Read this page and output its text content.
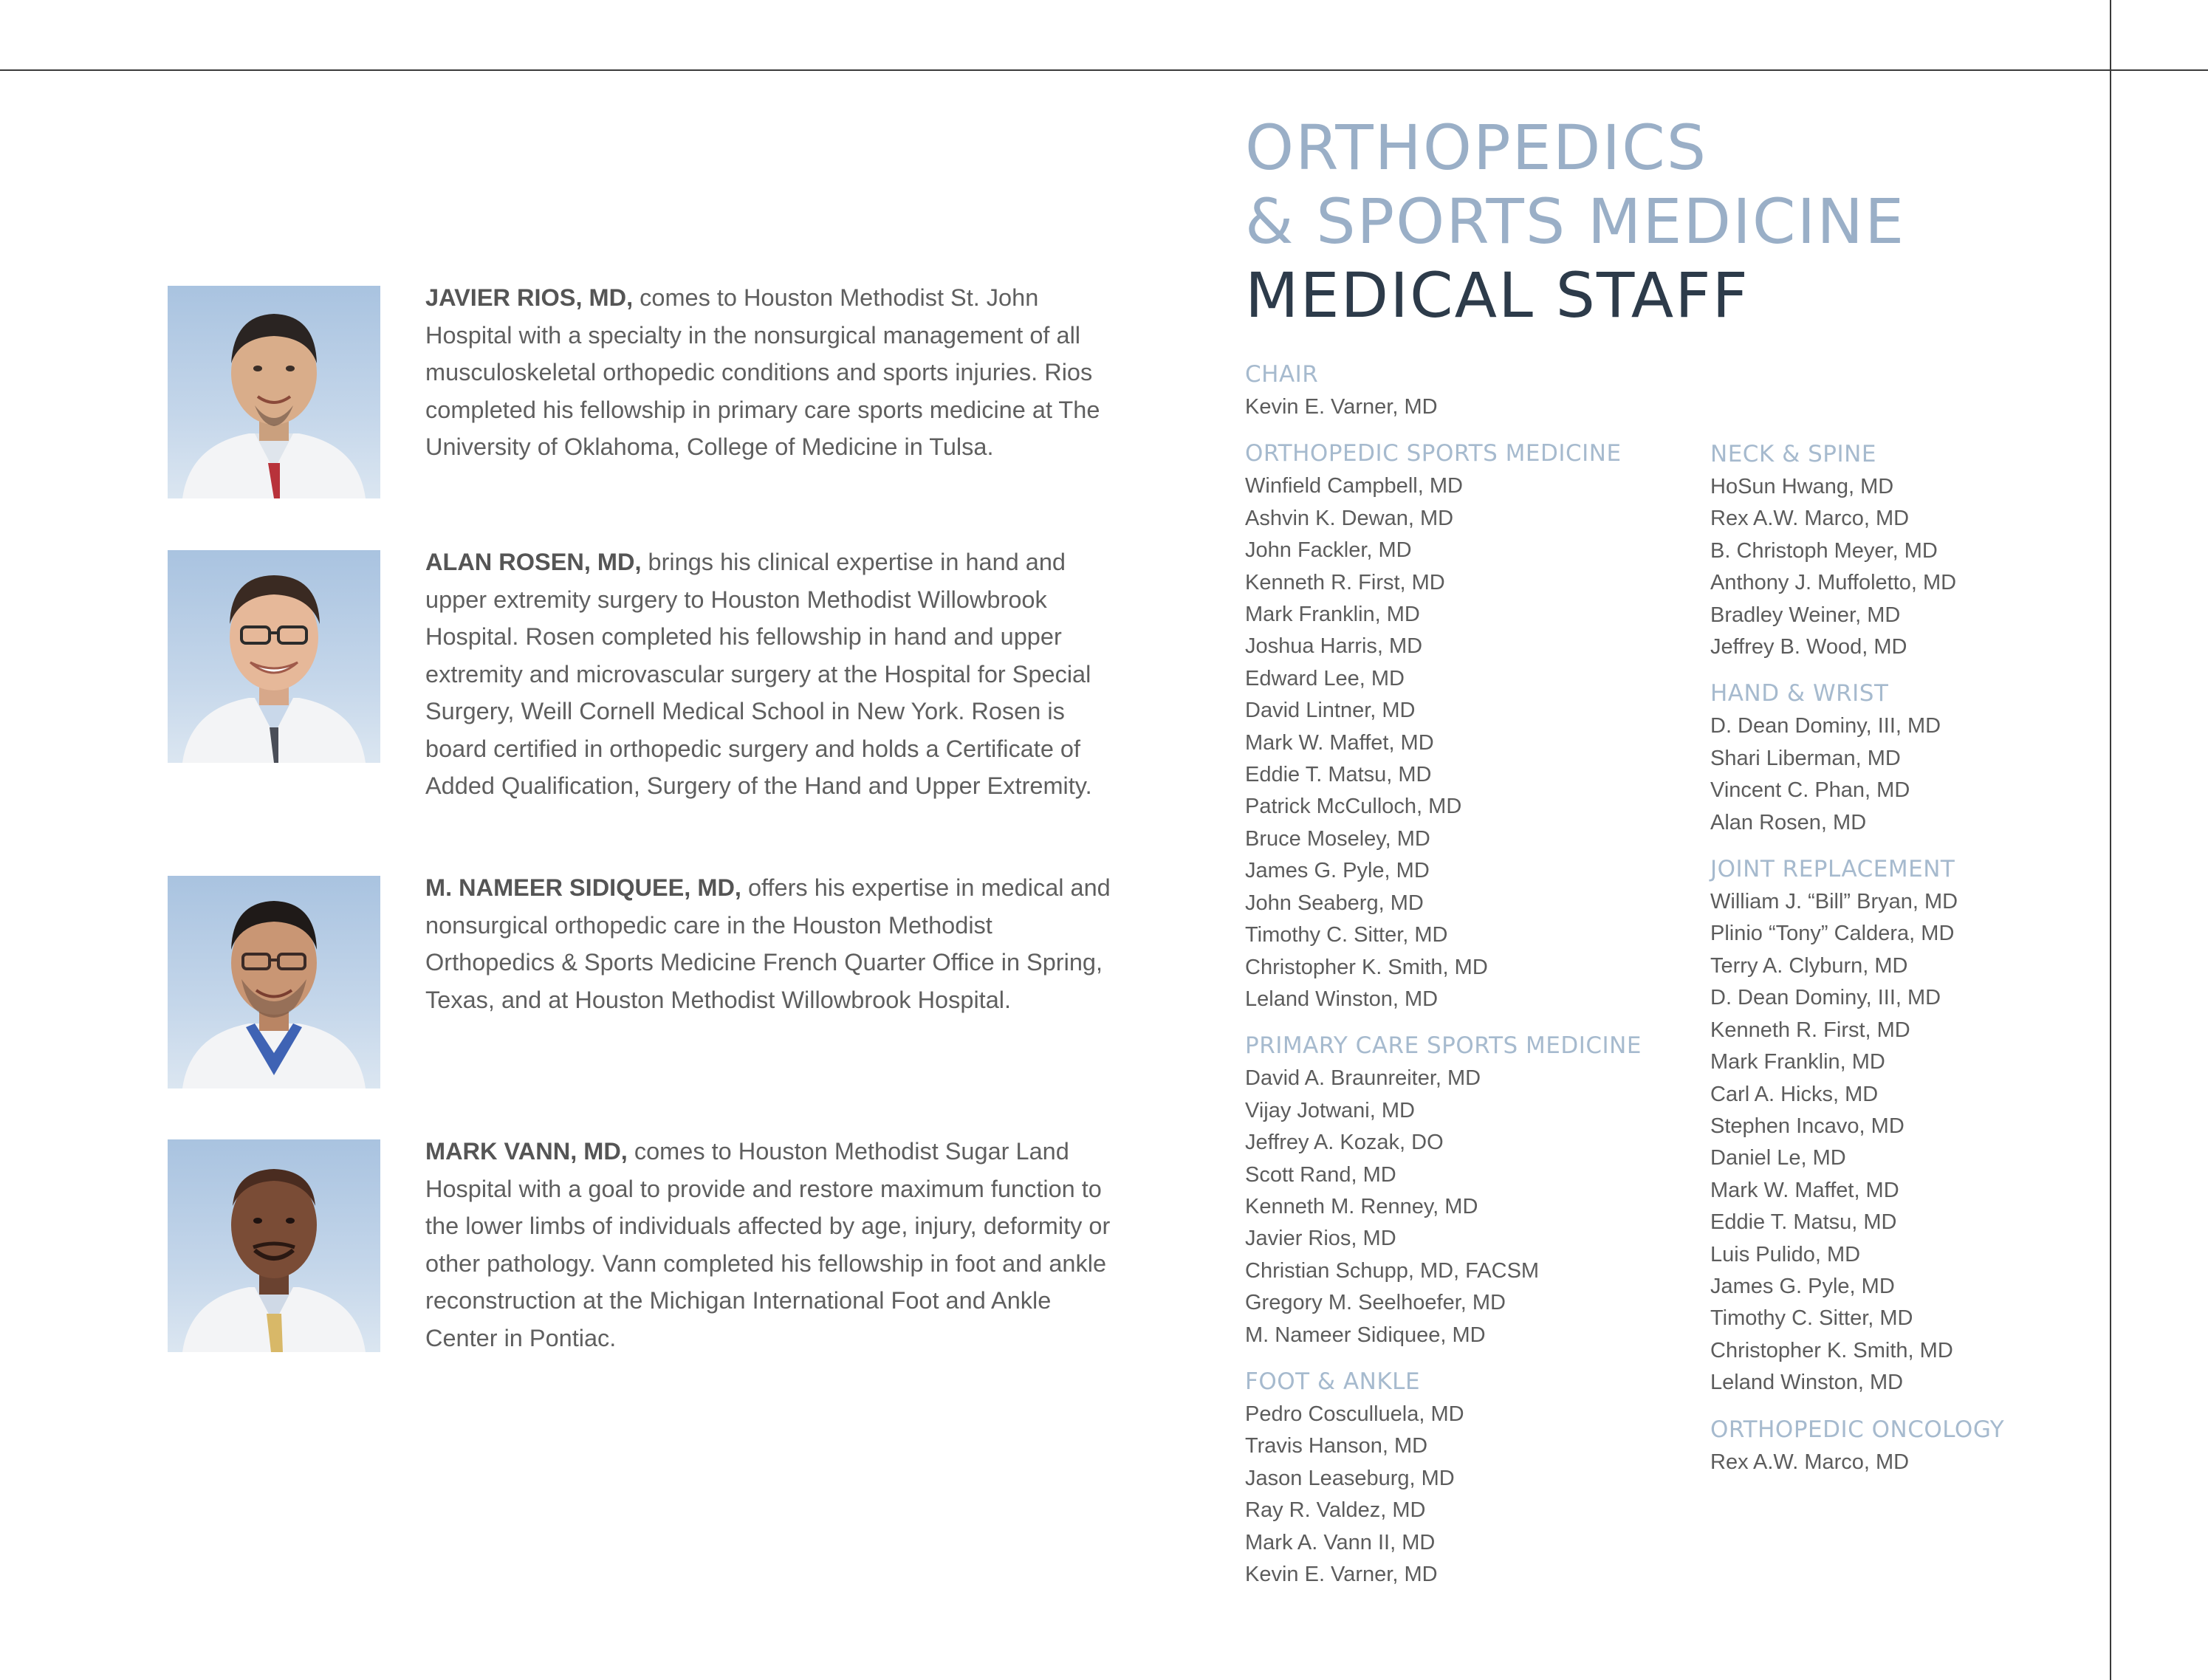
JAVIER RIOS, MD, comes to Houston Methodist St. John Hospital with a specialty in the nonsurgical management of all musculoskeletal orthopedic conditions and sports injuries. Rios completed his fellowship in primary care sports medicine at The University of Oklahoma, College of Medicine in Tulsa.
ALAN ROSEN, MD, brings his clinical expertise in hand and upper extremity surgery to Houston Methodist Willowbrook Hospital. Rosen completed his fellowship in hand and upper extremity and microvascular surgery at the Hospital for Special Surgery, Weill Cornell Medical School in New York. Rosen is board certified in orthopedic surgery and holds a Certificate of Added Qualification, Surgery of the Hand and Upper Extremity.
M. NAMEER SIDIQUEE, MD, offers his expertise in medical and nonsurgical orthopedic care in the Houston Methodist Orthopedics & Sports Medicine French Quarter Office in Spring, Texas, and at Houston Methodist Willowbrook Hospital.
MARK VANN, MD, comes to Houston Methodist Sugar Land Hospital with a goal to provide and restore maximum function to the lower limbs of individuals affected by age, injury, deformity or other pathology. Vann completed his fellowship in foot and ankle reconstruction at the Michigan International Foot and Ankle Center in Pontiac.
ORTHOPEDICS
& SPORTS MEDICINE
MEDICAL STAFF
CHAIR
Kevin E. Varner, MD
ORTHOPEDIC SPORTS MEDICINE
Winfield Campbell, MD
Ashvin K. Dewan, MD
John Fackler, MD
Kenneth R. First, MD
Mark Franklin, MD
Joshua Harris, MD
Edward Lee, MD
David Lintner, MD
Mark W. Maffet, MD
Eddie T. Matsu, MD
Patrick McCulloch, MD
Bruce Moseley, MD
James G. Pyle, MD
John Seaberg, MD
Timothy C. Sitter, MD
Christopher K. Smith, MD
Leland Winston, MD
PRIMARY CARE SPORTS MEDICINE
David A. Braunreiter, MD
Vijay Jotwani, MD
Jeffrey A. Kozak, DO
Scott Rand, MD
Kenneth M. Renney, MD
Javier Rios, MD
Christian Schupp, MD, FACSM
Gregory M. Seelhoefer, MD
M. Nameer Sidiquee, MD
FOOT & ANKLE
Pedro Cosculluela, MD
Travis Hanson, MD
Jason Leaseburg, MD
Ray R. Valdez, MD
Mark A. Vann II, MD
Kevin E. Varner, MD
NECK & SPINE
HoSun Hwang, MD
Rex A.W. Marco, MD
B. Christoph Meyer, MD
Anthony J. Muffoletto, MD
Bradley Weiner, MD
Jeffrey B. Wood, MD
HAND & WRIST
D. Dean Dominy, III, MD
Shari Liberman, MD
Vincent C. Phan, MD
Alan Rosen, MD
JOINT REPLACEMENT
William J. “Bill” Bryan, MD
Plinio “Tony” Caldera, MD
Terry A. Clyburn, MD
D. Dean Dominy, III, MD
Kenneth R. First, MD
Mark Franklin, MD
Carl A. Hicks, MD
Stephen Incavo, MD
Daniel Le, MD
Mark W. Maffet, MD
Eddie T. Matsu, MD
Luis Pulido, MD
James G. Pyle, MD
Timothy C. Sitter, MD
Christopher K. Smith, MD
Leland Winston, MD
ORTHOPEDIC ONCOLOGY
Rex A.W. Marco, MD
